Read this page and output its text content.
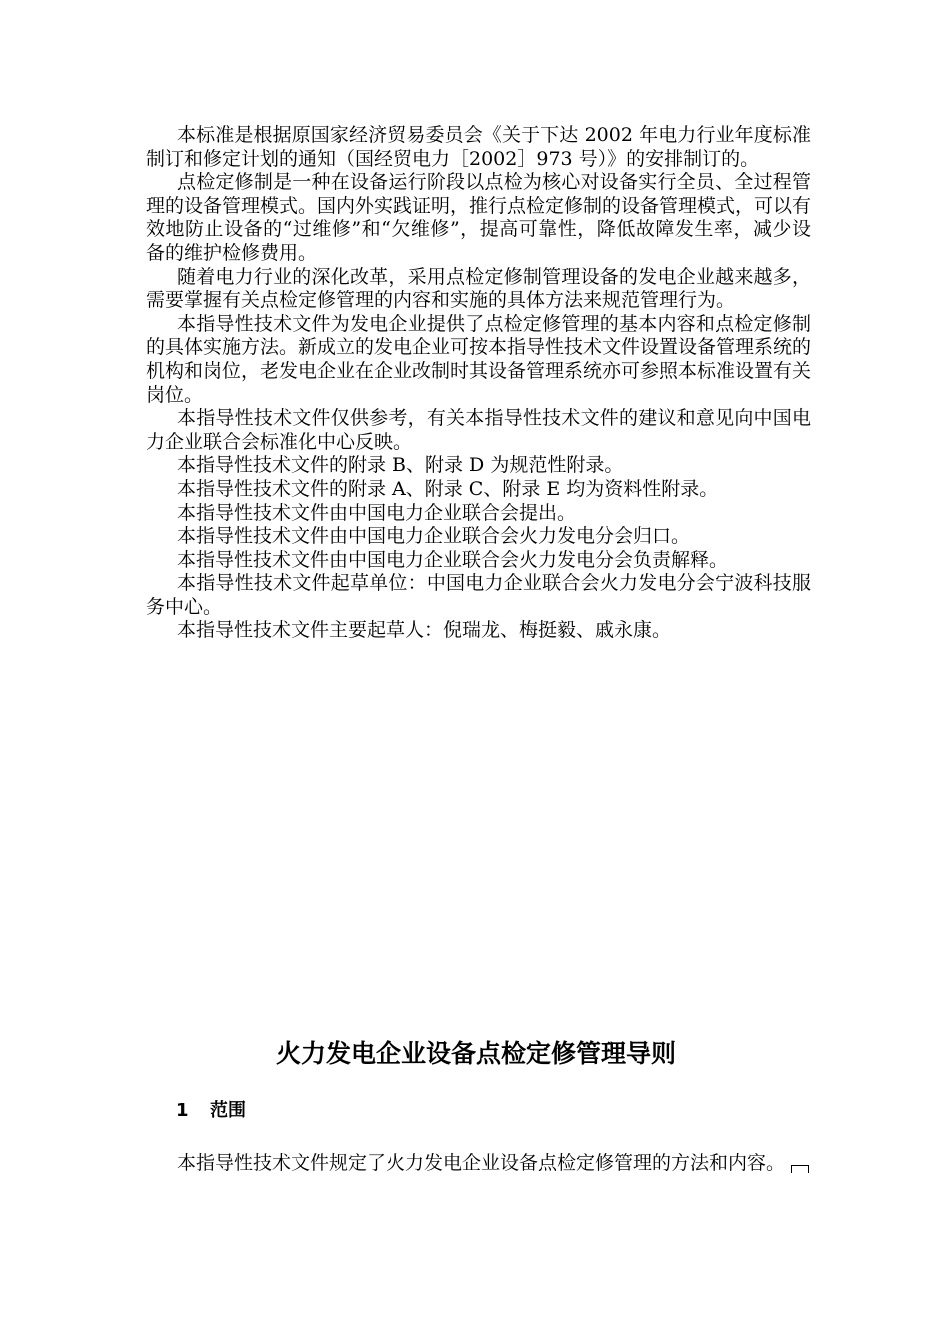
本标准是根据原国家经济贸易委员会《关于下达 2002 年电力行业年度标准制订和修定计划的通知（国经贸电力［2002］973 号）》的安排制订的。

点检定修制是一种在设备运行阶段以点检为核心对设备实行全员、全过程管理的设备管理模式。国内外实践证明，推行点检定修制的设备管理模式，可以有效地防止设备的“过维修”和“欠维修”，提高可靠性，降低故障发生率，减少设备的维护检修费用。

随着电力行业的深化改革，采用点检定修制管理设备的发电企业越来越多，需要掌握有关点检定修管理的内容和实施的具体方法来规范管理行为。

本指导性技术文件为发电企业提供了点检定修管理的基本内容和点检定修制的具体实施方法。新成立的发电企业可按本指导性技术文件设置设备管理系统的机构和岗位，老发电企业在企业改制时其设备管理系统亦可参照本标准设置有关岗位。

本指导性技术文件仅供参考，有关本指导性技术文件的建议和意见向中国电力企业联合会标准化中心反映。

本指导性技术文件的附录 B、附录 D 为规范性附录。

本指导性技术文件的附录 A、附录 C、附录 E 均为资料性附录。

本指导性技术文件由中国电力企业联合会提出。

本指导性技术文件由中国电力企业联合会火力发电分会归口。

本指导性技术文件由中国电力企业联合会火力发电分会负责解释。

本指导性技术文件起草单位：中国电力企业联合会火力发电分会宁波科技服务中心。

本指导性技术文件主要起草人：倪瑞龙、梅挺毅、戚永康。

火力发电企业设备点检定修管理导则
1 范围

本指导性技术文件规定了火力发电企业设备点检定修管理的方法和内容。
